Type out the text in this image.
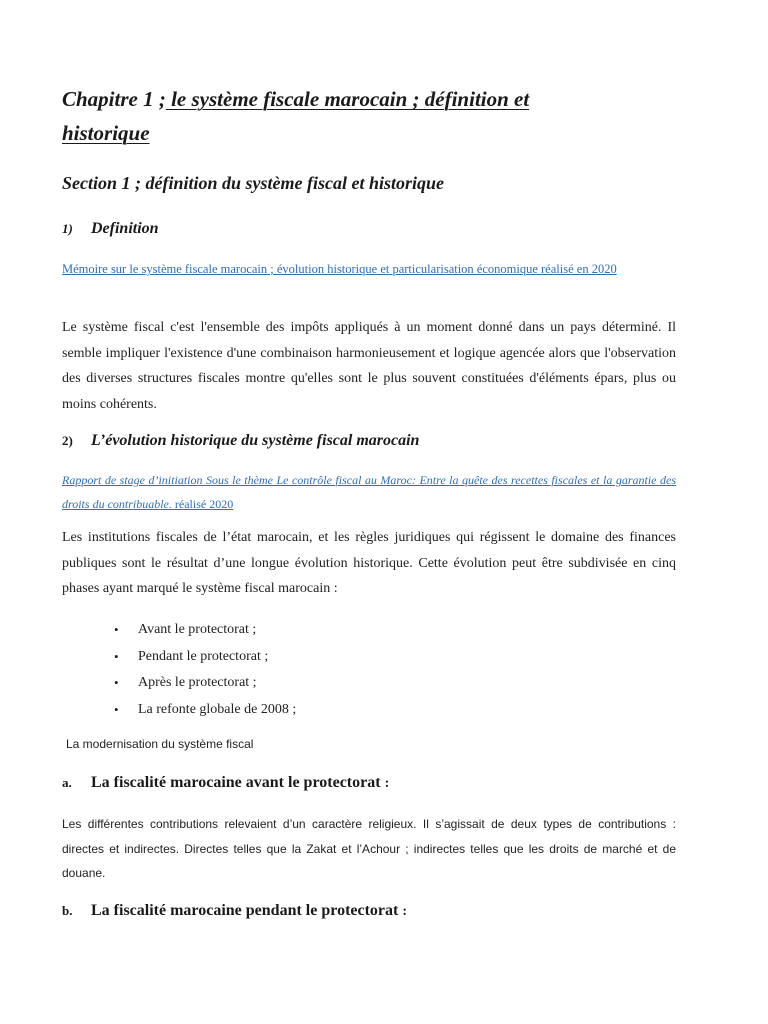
Chapitre 1 ; le système fiscale marocain ; définition et
historique
Section 1 ; définition du système fiscal et historique
1)	Definition
Mémoire sur le système fiscale marocain ; évolution historique et particularisation économique réalisé en 2020

Le système fiscal c'est l'ensemble des impôts appliqués à un moment donné dans un pays déterminé. Il semble impliquer l'existence d'une combinaison harmonieusement et logique agencée alors que l'observation des diverses structures fiscales montre qu'elles sont le plus souvent constituées d'éléments épars, plus ou moins cohérents.

2)	L’évolution historique du système fiscal marocain
Rapport de stage d’initiation Sous le thème Le contrôle fiscal au Maroc: Entre la quête des recettes fiscales et la garantie des droits du contribuable. réalisé 2020

Les institutions fiscales de l’état marocain, et les règles juridiques qui régissent le domaine des finances publiques sont le résultat d’une longue évolution historique. Cette évolution peut être subdivisée en cinq phases ayant marqué le système fiscal marocain :

•	Avant le protectorat ;
•	Pendant le protectorat ;
•	Après le protectorat ;
•	La refonte globale de 2008 ;

La modernisation du système fiscal

a.	La fiscalité marocaine avant le protectorat :

Les différentes contributions relevaient d’un caractère religieux. Il s’agissait de deux types de contributions : directes et indirectes. Directes telles que la Zakat et l’Achour ; indirectes telles que les droits de marché et de douane.

b.	La fiscalité marocaine pendant le protectorat :
